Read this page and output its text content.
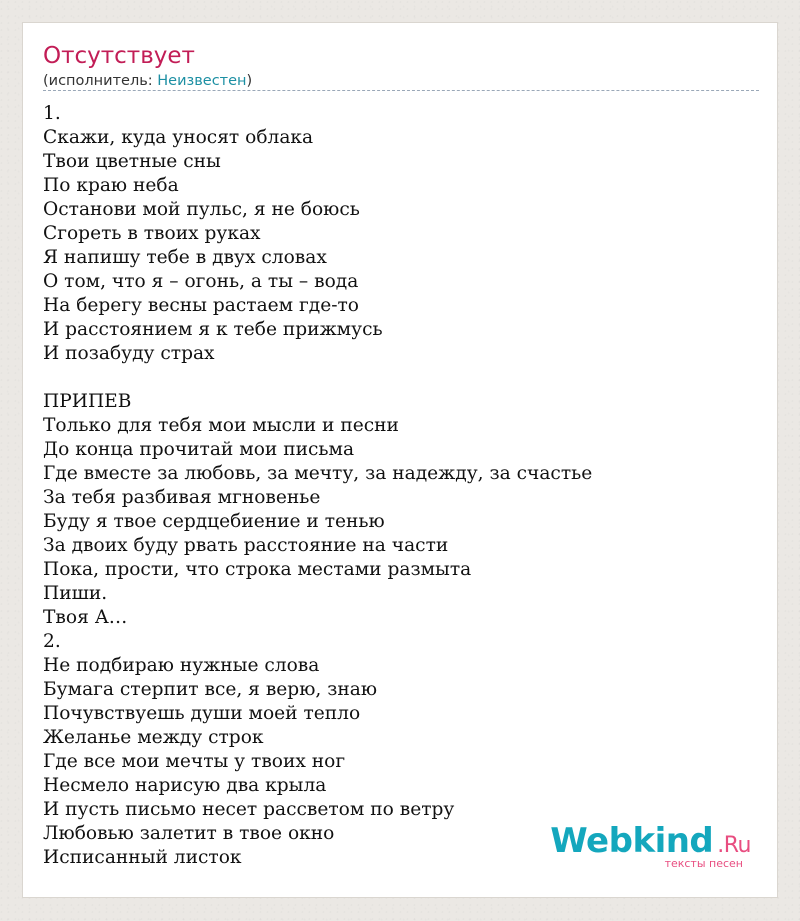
Отсутствует
(исполнитель: Неизвестен)
1.
Скажи, куда уносят облака
Твои цветные сны
По краю неба
Останови мой пульс, я не боюсь
Сгореть в твоих руках
Я напишу тебе в двух словах
О том, что я – огонь, а ты – вода
На берегу весны растаем где-то
И расстоянием я к тебе прижмусь
И позабуду страх

ПРИПЕВ
Только для тебя мои мысли и песни
До конца прочитай мои письма
Где вместе за любовь, за мечту, за надежду, за счастье
За тебя разбивая мгновенье
Буду я твое сердцебиение и тенью
За двоих буду рвать расстояние на части
Пока, прости, что строка местами размыта
Пиши.
Твоя А…
2.
Не подбираю нужные слова
Бумага стерпит все, я верю, знаю
Почувствуешь души моей тепло
Желанье между строк
Где все мои мечты у твоих ног
Несмело нарисую два крыла
И пусть письмо несет рассветом по ветру
Любовью залетит в твое окно
Исписанный листок	Webkind .Ru
тексты песен
